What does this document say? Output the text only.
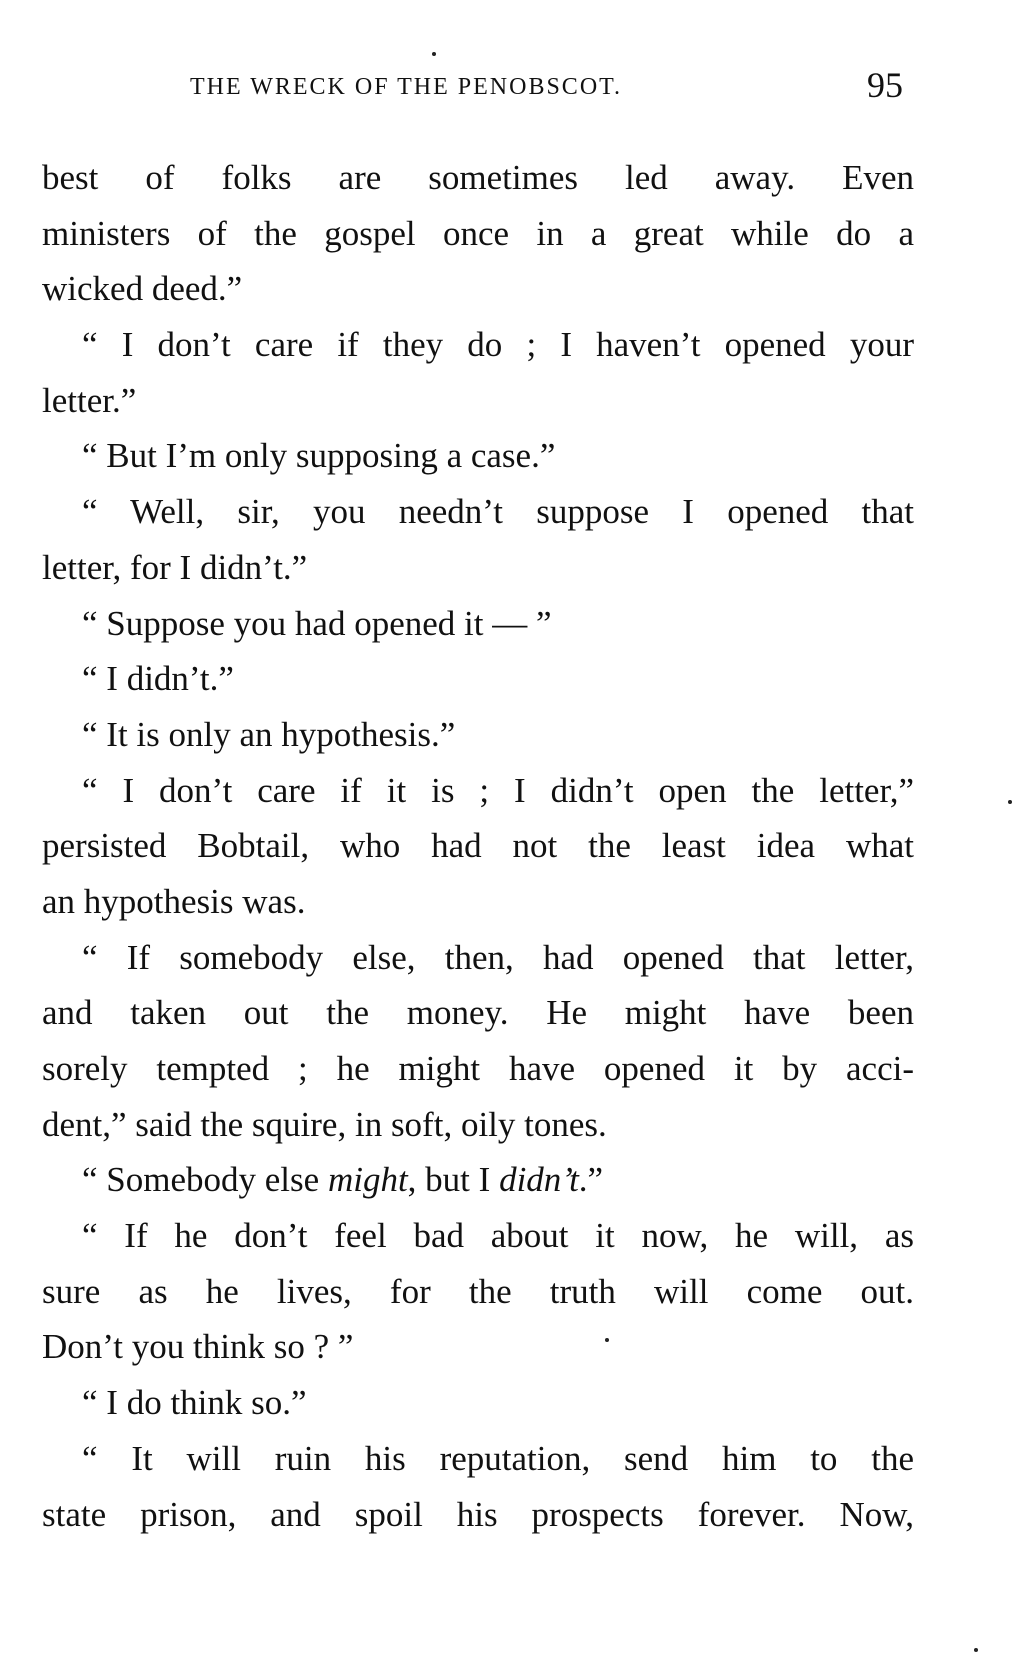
THE WRECK OF THE PENOBSCOT.	95
best of folks are sometimes led away. Even
ministers of the gospel once in a great while do a
wicked deed.”
“ I don’t care if they do ; I haven’t opened your
letter.”
“ But I’m only supposing a case.”
“ Well, sir, you needn’t suppose I opened that
letter, for I didn’t.”
“ Suppose you had opened it — ”
“ I didn’t.”
“ It is only an hypothesis.”
“ I don’t care if it is ; I didn’t open the letter,”
persisted Bobtail, who had not the least idea what
an hypothesis was.
“ If somebody else, then, had opened that letter,
and taken out the money. He might have been
sorely tempted ; he might have opened it by acci-
dent,” said the squire, in soft, oily tones.
“ Somebody else might, but I didn’t.”
“ If he don’t feel bad about it now, he will, as
sure as he lives, for the truth will come out.
Don’t you think so ? ”
“ I do think so.”
“ It will ruin his reputation, send him to the
state prison, and spoil his prospects forever. Now,
